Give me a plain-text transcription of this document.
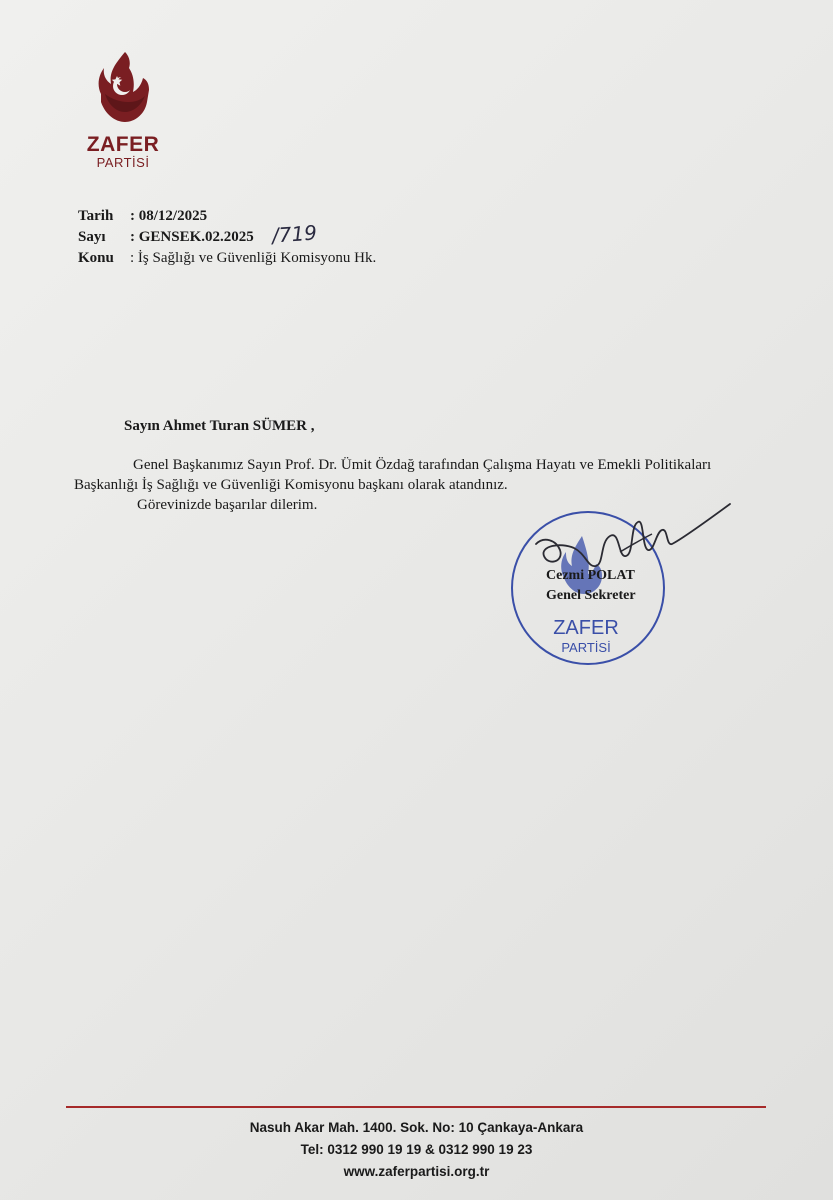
ZAFER
PARTİSİ
Tarih	: 08/12/2025
Sayı	: GENSEK.02.2025
Konu	: İş Sağlığı ve Güvenliği Komisyonu Hk.
/719
Sayın Ahmet Turan SÜMER ,

Genel Başkanımız Sayın Prof. Dr. Ümit Özdağ tarafından Çalışma Hayatı ve Emekli Politikaları Başkanlığı İş Sağlığı ve Güvenliği Komisyonu başkanı olarak atandınız.

Görevinizde başarılar dilerim.

ZAFER
PARTİSİ
Cezmi POLAT
Genel Sekreter
Nasuh Akar Mah. 1400. Sok. No: 10 Çankaya-Ankara
Tel: 0312 990 19 19 & 0312 990 19 23
www.zaferpartisi.org.tr
